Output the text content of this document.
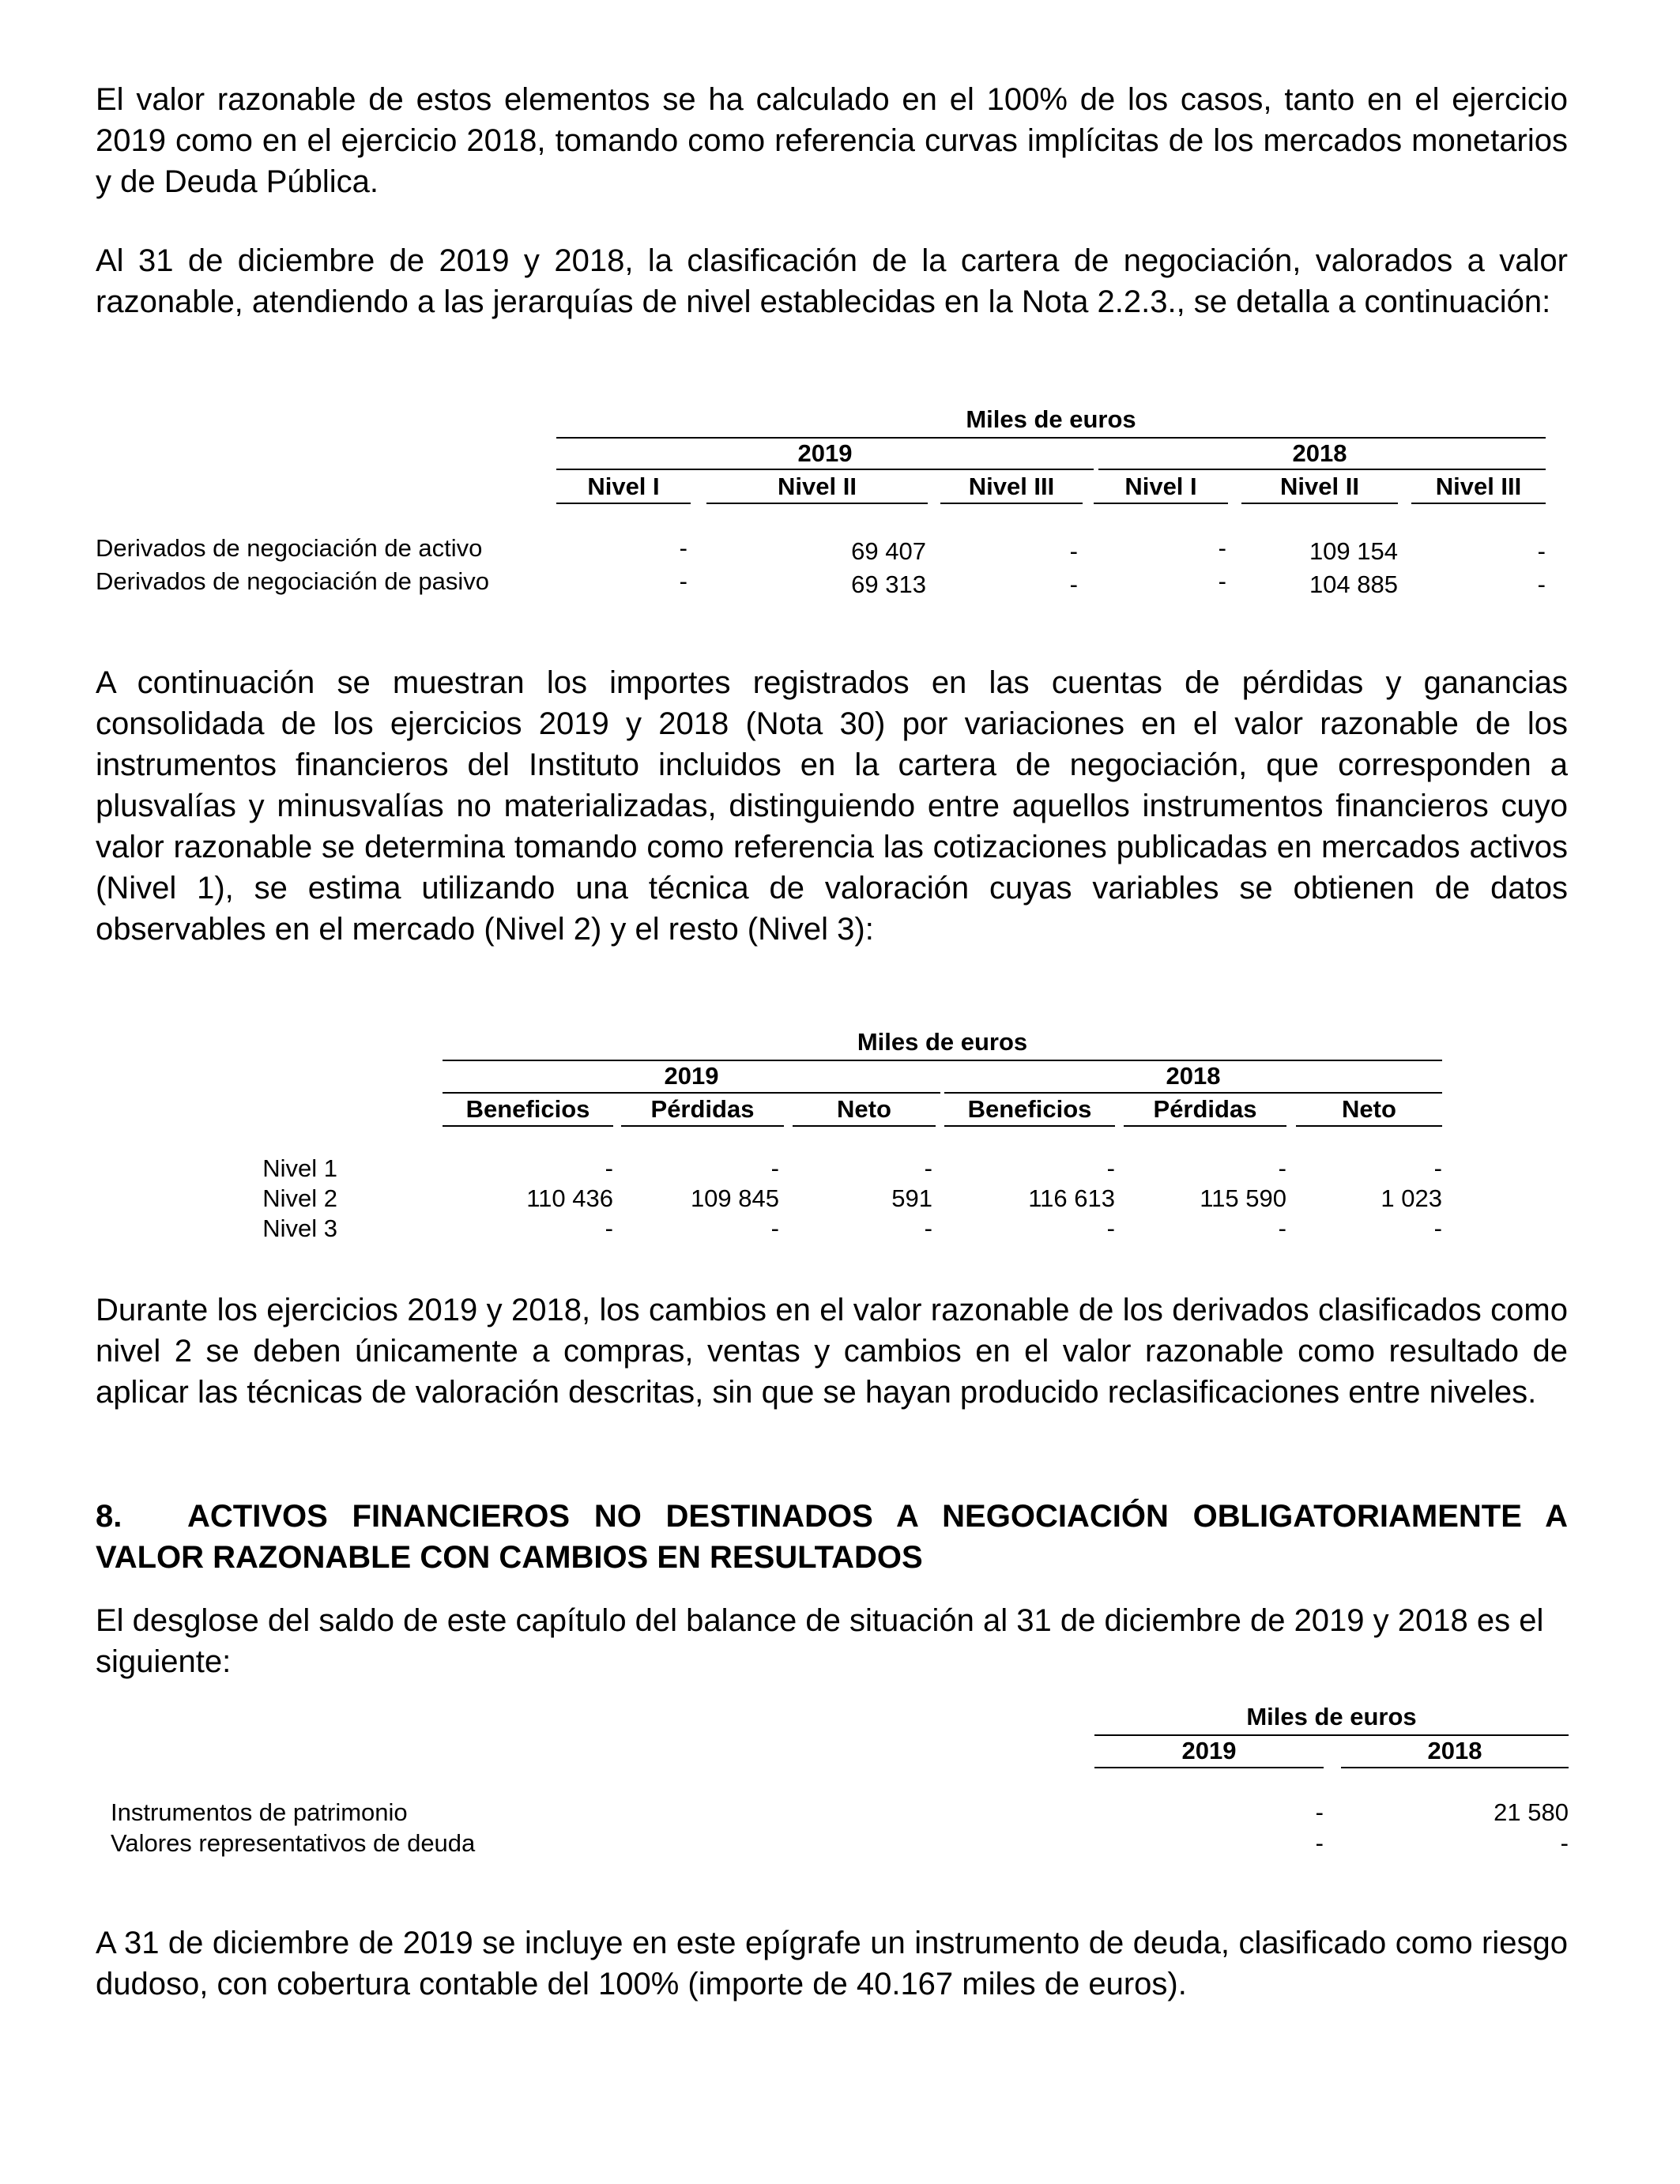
El valor razonable de estos elementos se ha calculado en el 100% de los casos, tanto en el ejercicio 2019 como en el ejercicio 2018, tomando como referencia curvas implícitas de los mercados monetarios y de Deuda Pública.

Al 31 de diciembre de 2019 y 2018, la clasificación de la cartera de negociación, valorados a valor razonable, atendiendo a las jerarquías de nivel establecidas en la Nota 2.2.3., se detalla a continuación:

Miles de euros
2019	2018
Nivel I	Nivel II	Nivel III	Nivel I	Nivel II	Nivel III
Derivados de negociación de activo	-	69 407	-	-	109 154	-
Derivados de negociación de pasivo	-	69 313	-	-	104 885	-

A continuación se muestran los importes registrados en las cuentas de pérdidas y ganancias consolidada de los ejercicios 2019 y 2018 (Nota 30) por variaciones en el valor razonable de los instrumentos financieros del Instituto incluidos en la cartera de negociación, que corresponden a plusvalías y minusvalías no materializadas, distinguiendo entre aquellos instrumentos financieros cuyo valor razonable se determina tomando como referencia las cotizaciones publicadas en mercados activos (Nivel 1), se estima utilizando una técnica de valoración cuyas variables se obtienen de datos observables en el mercado (Nivel 2) y el resto (Nivel 3):

Miles de euros
2019	2018
Beneficios	Pérdidas	Neto	Beneficios	Pérdidas	Neto
Nivel 1	-	-	-	-	-	-
Nivel 2	110 436	109 845	591	116 613	115 590	1 023
Nivel 3	-	-	-	-	-	-

Durante los ejercicios 2019 y 2018, los cambios en el valor razonable de los derivados clasificados como nivel 2 se deben únicamente a compras, ventas y cambios en el valor razonable como resultado de aplicar las técnicas de valoración descritas, sin que se hayan producido reclasificaciones entre niveles.

8. ACTIVOS FINANCIEROS NO DESTINADOS A NEGOCIACIÓN OBLIGATORIAMENTE A VALOR RAZONABLE CON CAMBIOS EN RESULTADOS

El desglose del saldo de este capítulo del balance de situación al 31 de diciembre de 2019 y 2018 es el siguiente:

Miles de euros
2019	2018
Instrumentos de patrimonio	-	21 580
Valores representativos de deuda	-	-

A 31 de diciembre de 2019 se incluye en este epígrafe un instrumento de deuda, clasificado como riesgo dudoso, con cobertura contable del 100% (importe de 40.167 miles de euros).
